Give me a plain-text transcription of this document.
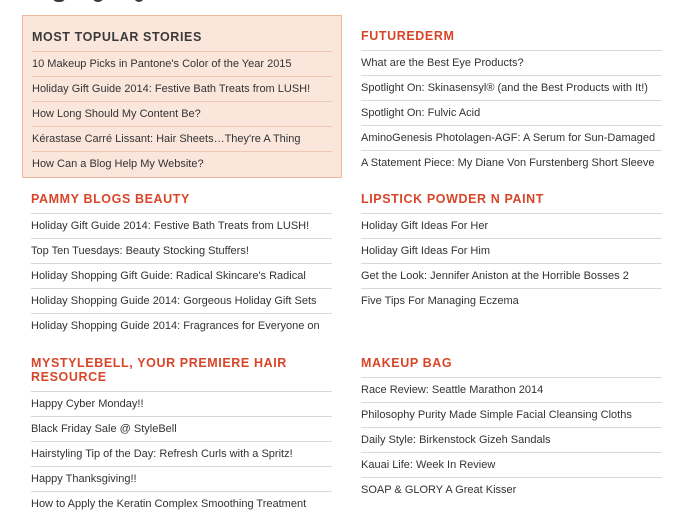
MOST TOPULAR STORIES
10 Makeup Picks in Pantone's Color of the Year 2015
Holiday Gift Guide 2014: Festive Bath Treats from LUSH!
How Long Should My Content Be?
Kérastase Carré Lissant: Hair Sheets…They're A Thing
How Can a Blog Help My Website?
FUTUREDERM
What are the Best Eye Products?
Spotlight On: Skinasensyl® (and the Best Products with It!)
Spotlight On: Fulvic Acid
AminoGenesis Photolagen-AGF: A Serum for Sun-Damaged
A Statement Piece: My Diane Von Furstenberg Short Sleeve
PAMMY BLOGS BEAUTY
Holiday Gift Guide 2014: Festive Bath Treats from LUSH!
Top Ten Tuesdays: Beauty Stocking Stuffers!
Holiday Shopping Gift Guide: Radical Skincare's Radical
Holiday Shopping Guide 2014: Gorgeous Holiday Gift Sets
Holiday Shopping Guide 2014: Fragrances for Everyone on
LIPSTICK POWDER N PAINT
Holiday Gift Ideas For Her
Holiday Gift Ideas For Him
Get the Look: Jennifer Aniston at the Horrible Bosses 2
Five Tips For Managing Eczema
MYSTYLEBELL, YOUR PREMIERE HAIR
RESOURCE
Happy Cyber Monday!!
Black Friday Sale @ StyleBell
Hairstyling Tip of the Day: Refresh Curls with a Spritz!
Happy Thanksgiving!!
How to Apply the Keratin Complex Smoothing Treatment
MAKEUP BAG
Race Review: Seattle Marathon 2014
Philosophy Purity Made Simple Facial Cleansing Cloths
Daily Style: Birkenstock Gizeh Sandals
Kauai Life: Week In Review
SOAP & GLORY A Great Kisser
